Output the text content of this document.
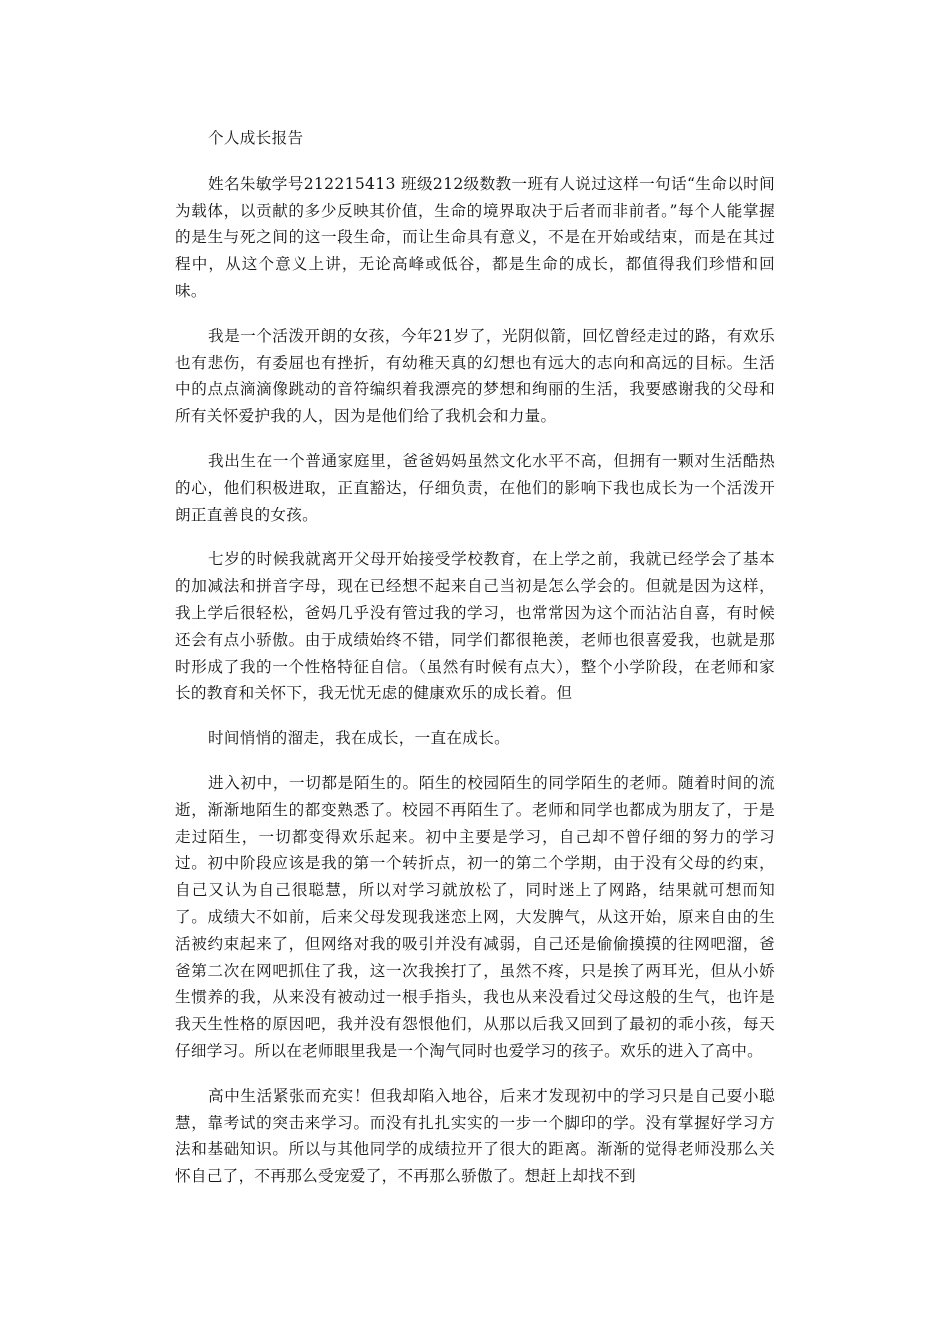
个人成长报告

姓名朱敏学号212215413 班级212级数教一班有人说过这样一句话“生命以时间为载体，以贡献的多少反映其价值，生命的境界取决于后者而非前者。”每个人能掌握的是生与死之间的这一段生命，而让生命具有意义，不是在开始或结束，而是在其过程中，从这个意义上讲，无论高峰或低谷，都是生命的成长，都值得我们珍惜和回味。

我是一个活泼开朗的女孩，今年21岁了，光阴似箭，回忆曾经走过的路，有欢乐也有悲伤，有委屈也有挫折，有幼稚天真的幻想也有远大的志向和高远的目标。生活中的点点滴滴像跳动的音符编织着我漂亮的梦想和绚丽的生活，我要感谢我的父母和所有关怀爱护我的人，因为是他们给了我机会和力量。

我出生在一个普通家庭里，爸爸妈妈虽然文化水平不高，但拥有一颗对生活酷热的心，他们积极进取，正直豁达，仔细负责，在他们的影响下我也成长为一个活泼开朗正直善良的女孩。

七岁的时候我就离开父母开始接受学校教育，在上学之前，我就已经学会了基本的加减法和拼音字母，现在已经想不起来自己当初是怎么学会的。但就是因为这样，我上学后很轻松，爸妈几乎没有管过我的学习，也常常因为这个而沾沾自喜，有时候还会有点小骄傲。由于成绩始终不错，同学们都很艳羡，老师也很喜爱我，也就是那时形成了我的一个性格特征自信。（虽然有时候有点大），整个小学阶段，在老师和家长的教育和关怀下，我无忧无虑的健康欢乐的成长着。但

时间悄悄的溜走，我在成长，一直在成长。

进入初中，一切都是陌生的。陌生的校园陌生的同学陌生的老师。随着时间的流逝，渐渐地陌生的都变熟悉了。校园不再陌生了。老师和同学也都成为朋友了，于是走过陌生，一切都变得欢乐起来。初中主要是学习，自己却不曾仔细的努力的学习过。初中阶段应该是我的第一个转折点，初一的第二个学期，由于没有父母的约束，自己又认为自己很聪慧，所以对学习就放松了，同时迷上了网路，结果就可想而知了。成绩大不如前，后来父母发现我迷恋上网，大发脾气，从这开始，原来自由的生活被约束起来了，但网络对我的吸引并没有减弱，自己还是偷偷摸摸的往网吧溜，爸爸第二次在网吧抓住了我，这一次我挨打了，虽然不疼，只是挨了两耳光，但从小娇生惯养的我，从来没有被动过一根手指头，我也从来没看过父母这般的生气，也许是我天生性格的原因吧，我并没有怨恨他们，从那以后我又回到了最初的乖小孩，每天仔细学习。所以在老师眼里我是一个淘气同时也爱学习的孩子。欢乐的进入了高中。

高中生活紧张而充实！但我却陷入地谷，后来才发现初中的学习只是自己耍小聪慧，靠考试的突击来学习。而没有扎扎实实的一步一个脚印的学。没有掌握好学习方法和基础知识。所以与其他同学的成绩拉开了很大的距离。渐渐的觉得老师没那么关怀自己了，不再那么受宠爱了，不再那么骄傲了。想赶上却找不到
